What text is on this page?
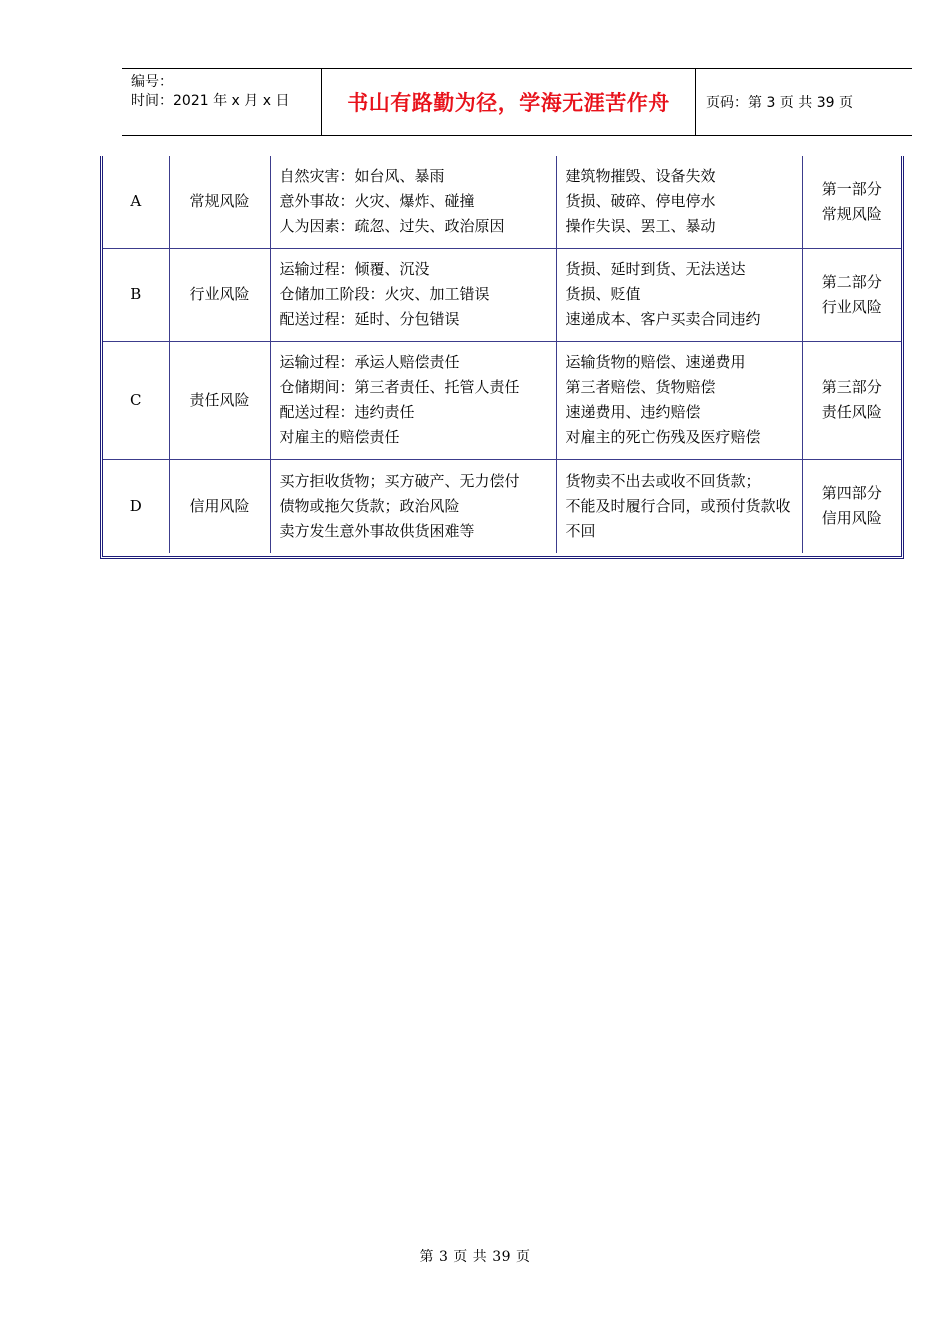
编号：
时间：2021 年 x 月 x 日	书山有路勤为径，学海无涯苦作舟	页码：第 3 页 共 39 页
A	常规风险	自然灾害：如台风、暴雨
意外事故：火灾、爆炸、碰撞
人为因素：疏忽、过失、政治原因	建筑物摧毁、设备失效
货损、破碎、停电停水
操作失误、罢工、暴动	第一部分
常规风险

B	行业风险	运输过程：倾覆、沉没
仓储加工阶段：火灾、加工错误
配送过程：延时、分包错误	货损、延时到货、无法送达
货损、贬值
速递成本、客户买卖合同违约	第二部分
行业风险

C	责任风险	运输过程：承运人赔偿责任
仓储期间：第三者责任、托管人责任
配送过程：违约责任
对雇主的赔偿责任	运输货物的赔偿、速递费用
第三者赔偿、货物赔偿
速递费用、违约赔偿
对雇主的死亡伤残及医疗赔偿	第三部分
责任风险

D	信用风险	买方拒收货物；买方破产、无力偿付
债物或拖欠货款；政治风险
卖方发生意外事故供货困难等	货物卖不出去或收不回货款；
不能及时履行合同，或预付货款收不回	第四部分
信用风险
第 3 页 共 39 页
